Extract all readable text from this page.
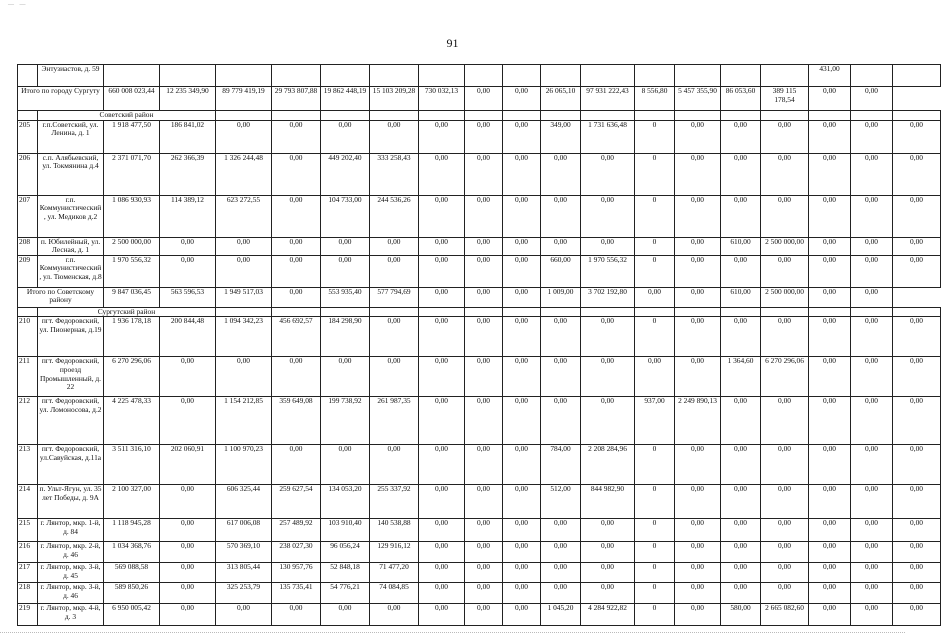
— —
91
	Энтузиастов, д. 59																431,00		
Итого по городу Сургуту		660 008 023,44	12 235 349,90	89 779 419,19	29 793 807,88	19 862 448,19	15 103 209,28	730 032,13	0,00	0,00	26 065,10	97 931 222,43	8 556,80	5 457 355,90	86 053,60	389 115 178,54	0,00	0,00	
	Советский район																		
205	г.п.Советский, ул. Ленина, д. 1	1 918 477,50	186 841,02	0,00	0,00	0,00	0,00	0,00	0,00	0,00	349,00	1 731 636,48	0	0,00	0,00	0,00	0,00	0,00	0,00
206	с.п. Алябьевский, ул. Токмянина д.4	2 371 071,70	262 366,39	1 326 244,48	0,00	449 202,40	333 258,43	0,00	0,00	0,00	0,00	0,00	0	0,00	0,00	0,00	0,00	0,00	0,00
207	г.п. Коммунистический, ул. Медиков д.2	1 086 930,93	114 389,12	623 272,55	0,00	104 733,00	244 536,26	0,00	0,00	0,00	0,00	0,00	0	0,00	0,00	0,00	0,00	0,00	0,00
208	п. Юбилейный, ул. Лесная, д. 1	2 500 000,00	0,00	0,00	0,00	0,00	0,00	0,00	0,00	0,00	0,00	0,00	0	0,00	610,00	2 500 000,00	0,00	0,00	0,00
209	г.п. Коммунистический, ул. Тюменская, д.8	1 970 556,32	0,00	0,00	0,00	0,00	0,00	0,00	0,00	0,00	660,00	1 970 556,32	0	0,00	0,00	0,00	0,00	0,00	0,00
Итого по Советскому району		9 847 036,45	563 596,53	1 949 517,03	0,00	553 935,40	577 794,69	0,00	0,00	0,00	1 009,00	3 702 192,80	0,00	0,00	610,00	2 500 000,00	0,00	0,00	
	Сургутский район																		
210	пгт. Федоровский, ул. Пионерная, д.19	1 936 178,18	200 844,48	1 094 342,23	456 692,57	184 298,90	0,00	0,00	0,00	0,00	0,00	0,00	0	0,00	0,00	0,00	0,00	0,00	0,00
211	пгт. Федоровский, проезд Промышленный, д. 22	6 270 296,06	0,00	0,00	0,00	0,00	0,00	0,00	0,00	0,00	0,00	0,00	0,00	0,00	1 364,60	6 270 296,06	0,00	0,00	0,00
212	пгт. Федоровский, ул. Ломоносова, д.2	4 225 478,33	0,00	1 154 212,85	359 649,08	199 738,92	261 987,35	0,00	0,00	0,00	0,00	0,00	937,00	2 249 890,13	0,00	0,00	0,00	0,00	0,00
213	пгт. Федоровский, ул.Савуйская, д.11а	3 511 316,10	202 060,91	1 100 970,23	0,00	0,00	0,00	0,00	0,00	0,00	784,00	2 208 284,96	0	0,00	0,00	0,00	0,00	0,00	0,00
214	п. Ульт-Ягун, ул. 35 лет Победы, д. 9А	2 100 327,00	0,00	606 325,44	259 627,54	134 053,20	255 337,92	0,00	0,00	0,00	512,00	844 982,90	0	0,00	0,00	0,00	0,00	0,00	0,00
215	г. Лянтор, мкр. 1-й, д. 84	1 118 945,28	0,00	617 006,08	257 489,92	103 910,40	140 538,88	0,00	0,00	0,00	0,00	0,00	0	0,00	0,00	0,00	0,00	0,00	0,00
216	г. Лянтор, мкр. 2-й, д. 46	1 034 368,76	0,00	570 369,10	238 027,30	96 056,24	129 916,12	0,00	0,00	0,00	0,00	0,00	0	0,00	0,00	0,00	0,00	0,00	0,00
217	г. Лянтор, мкр. 3-й, д. 45	569 088,58	0,00	313 805,44	130 957,76	52 848,18	71 477,20	0,00	0,00	0,00	0,00	0,00	0	0,00	0,00	0,00	0,00	0,00	0,00
218	г. Лянтор, мкр. 3-й, д. 46	589 850,26	0,00	325 253,79	135 735,41	54 776,21	74 084,85	0,00	0,00	0,00	0,00	0,00	0	0,00	0,00	0,00	0,00	0,00	0,00
219	г. Лянтор, мкр. 4-й, д. 3	6 950 005,42	0,00	0,00	0,00	0,00	0,00	0,00	0,00	0,00	1 045,20	4 284 922,82	0	0,00	580,00	2 665 082,60	0,00	0,00	0,00
